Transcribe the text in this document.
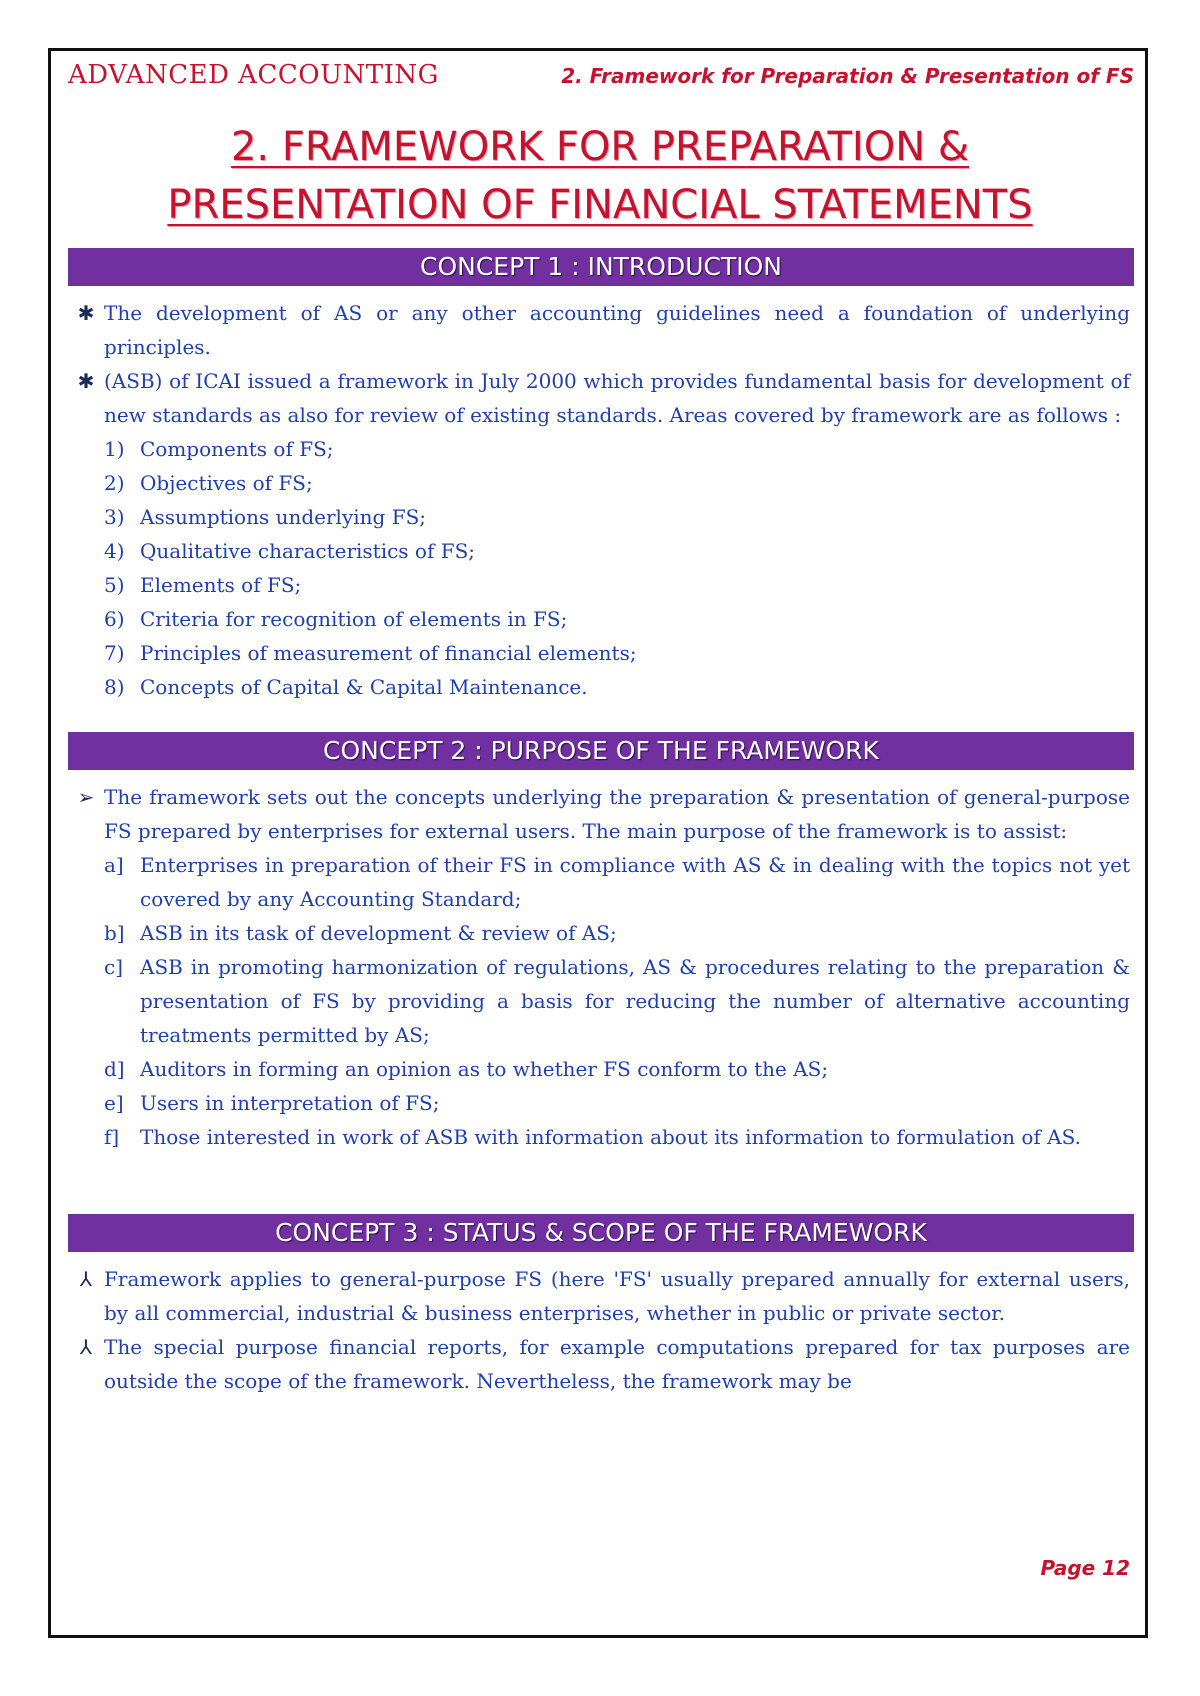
ADVANCED ACCOUNTING	2. Framework for Preparation & Presentation of FS
2. FRAMEWORK FOR PREPARATION &
PRESENTATION OF FINANCIAL STATEMENTS
CONCEPT 1 : INTRODUCTION
✱ The development of AS or any other accounting guidelines need a foundation of underlying principles.
✱ (ASB) of ICAI issued a framework in July 2000 which provides fundamental basis for development of new standards as also for review of existing standards. Areas covered by framework are as follows :
1) Components of FS;
2) Objectives of FS;
3) Assumptions underlying FS;
4) Qualitative characteristics of FS;
5) Elements of FS;
6) Criteria for recognition of elements in FS;
7) Principles of measurement of financial elements;
8) Concepts of Capital & Capital Maintenance.
CONCEPT 2 : PURPOSE OF THE FRAMEWORK
➢ The framework sets out the concepts underlying the preparation & presentation of general-purpose FS prepared by enterprises for external users. The main purpose of the framework is to assist:
a] Enterprises in preparation of their FS in compliance with AS & in dealing with the topics not yet covered by any Accounting Standard;
b] ASB in its task of development & review of AS;
c] ASB in promoting harmonization of regulations, AS & procedures relating to the preparation & presentation of FS by providing a basis for reducing the number of alternative accounting treatments permitted by AS;
d] Auditors in forming an opinion as to whether FS conform to the AS;
e] Users in interpretation of FS;
f]	Those interested in work of ASB with information about its information to formulation of AS.
CONCEPT 3 : STATUS & SCOPE OF THE FRAMEWORK
⅄ Framework applies to general-purpose FS (here 'FS' usually prepared annually for external users, by all commercial, industrial & business enterprises, whether in public or private sector.
⅄ The special purpose financial reports, for example computations prepared for tax purposes are outside the scope of the framework. Nevertheless, the framework may be
Page 12
